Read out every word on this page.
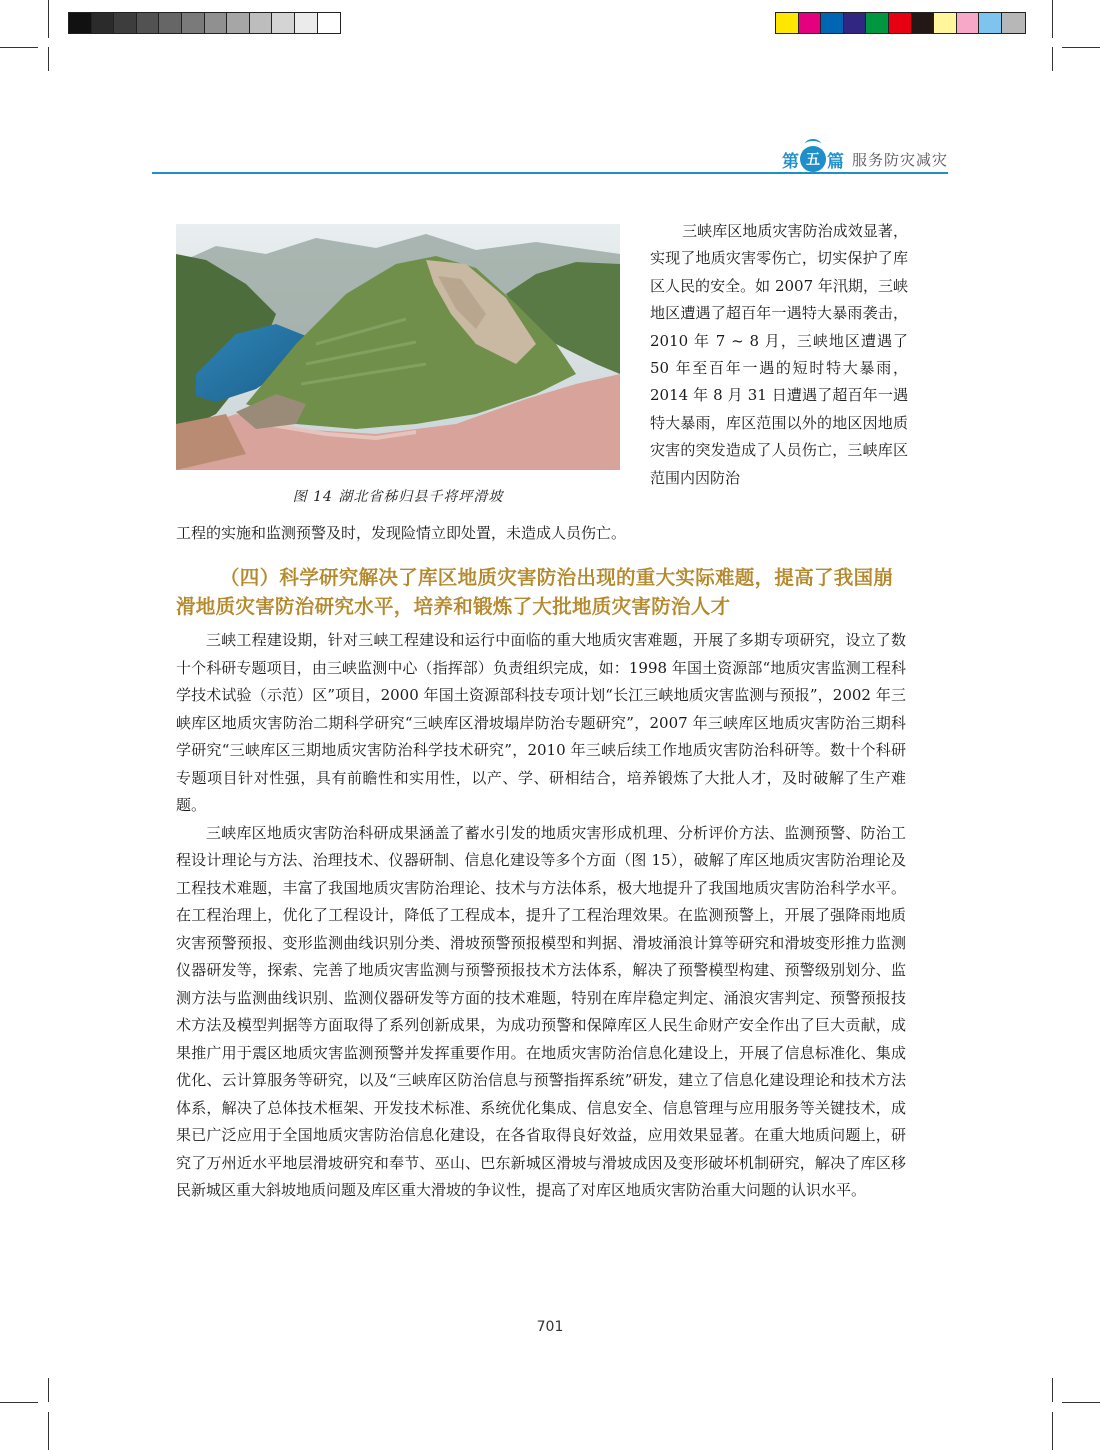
第 五 篇 服务防灾减灾
图 14 湖北省秭归县千将坪滑坡
三峡库区地质灾害防治成效显著，实现了地质灾害零伤亡，切实保护了库区人民的安全。如 2007 年汛期，三峡地区遭遇了超百年一遇特大暴雨袭击，2010 年 7 ~ 8 月，三峡地区遭遇了 50 年至百年一遇的短时特大暴雨，2014 年 8 月 31 日遭遇了超百年一遇特大暴雨，库区范围以外的地区因地质灾害的突发造成了人员伤亡，三峡库区范围内因防治
工程的实施和监测预警及时，发现险情立即处置，未造成人员伤亡。
（四）科学研究解决了库区地质灾害防治出现的重大实际难题，提高了我国崩滑地质灾害防治研究水平，培养和锻炼了大批地质灾害防治人才

三峡工程建设期，针对三峡工程建设和运行中面临的重大地质灾害难题，开展了多期专项研究，设立了数十个科研专题项目，由三峡监测中心（指挥部）负责组织完成，如：1998 年国土资源部“地质灾害监测工程科学技术试验（示范）区”项目，2000 年国土资源部科技专项计划“长江三峡地质灾害监测与预报”，2002 年三峡库区地质灾害防治二期科学研究“三峡库区滑坡塌岸防治专题研究”，2007 年三峡库区地质灾害防治三期科学研究“三峡库区三期地质灾害防治科学技术研究”，2010 年三峡后续工作地质灾害防治科研等。数十个科研专题项目针对性强，具有前瞻性和实用性，以产、学、研相结合，培养锻炼了大批人才，及时破解了生产难题。

三峡库区地质灾害防治科研成果涵盖了蓄水引发的地质灾害形成机理、分析评价方法、监测预警、防治工程设计理论与方法、治理技术、仪器研制、信息化建设等多个方面（图 15），破解了库区地质灾害防治理论及工程技术难题，丰富了我国地质灾害防治理论、技术与方法体系，极大地提升了我国地质灾害防治科学水平。在工程治理上，优化了工程设计，降低了工程成本，提升了工程治理效果。在监测预警上，开展了强降雨地质灾害预警预报、变形监测曲线识别分类、滑坡预警预报模型和判据、滑坡涌浪计算等研究和滑坡变形推力监测仪器研发等，探索、完善了地质灾害监测与预警预报技术方法体系，解决了预警模型构建、预警级别划分、监测方法与监测曲线识别、监测仪器研发等方面的技术难题，特别在库岸稳定判定、涌浪灾害判定、预警预报技术方法及模型判据等方面取得了系列创新成果，为成功预警和保障库区人民生命财产安全作出了巨大贡献，成果推广用于震区地质灾害监测预警并发挥重要作用。在地质灾害防治信息化建设上，开展了信息标准化、集成优化、云计算服务等研究，以及“三峡库区防治信息与预警指挥系统”研发，建立了信息化建设理论和技术方法体系，解决了总体技术框架、开发技术标准、系统优化集成、信息安全、信息管理与应用服务等关键技术，成果已广泛应用于全国地质灾害防治信息化建设，在各省取得良好效益，应用效果显著。在重大地质问题上，研究了万州近水平地层滑坡研究和奉节、巫山、巴东新城区滑坡与滑坡成因及变形破坏机制研究，解决了库区移民新城区重大斜坡地质问题及库区重大滑坡的争议性，提高了对库区地质灾害防治重大问题的认识水平。

701
